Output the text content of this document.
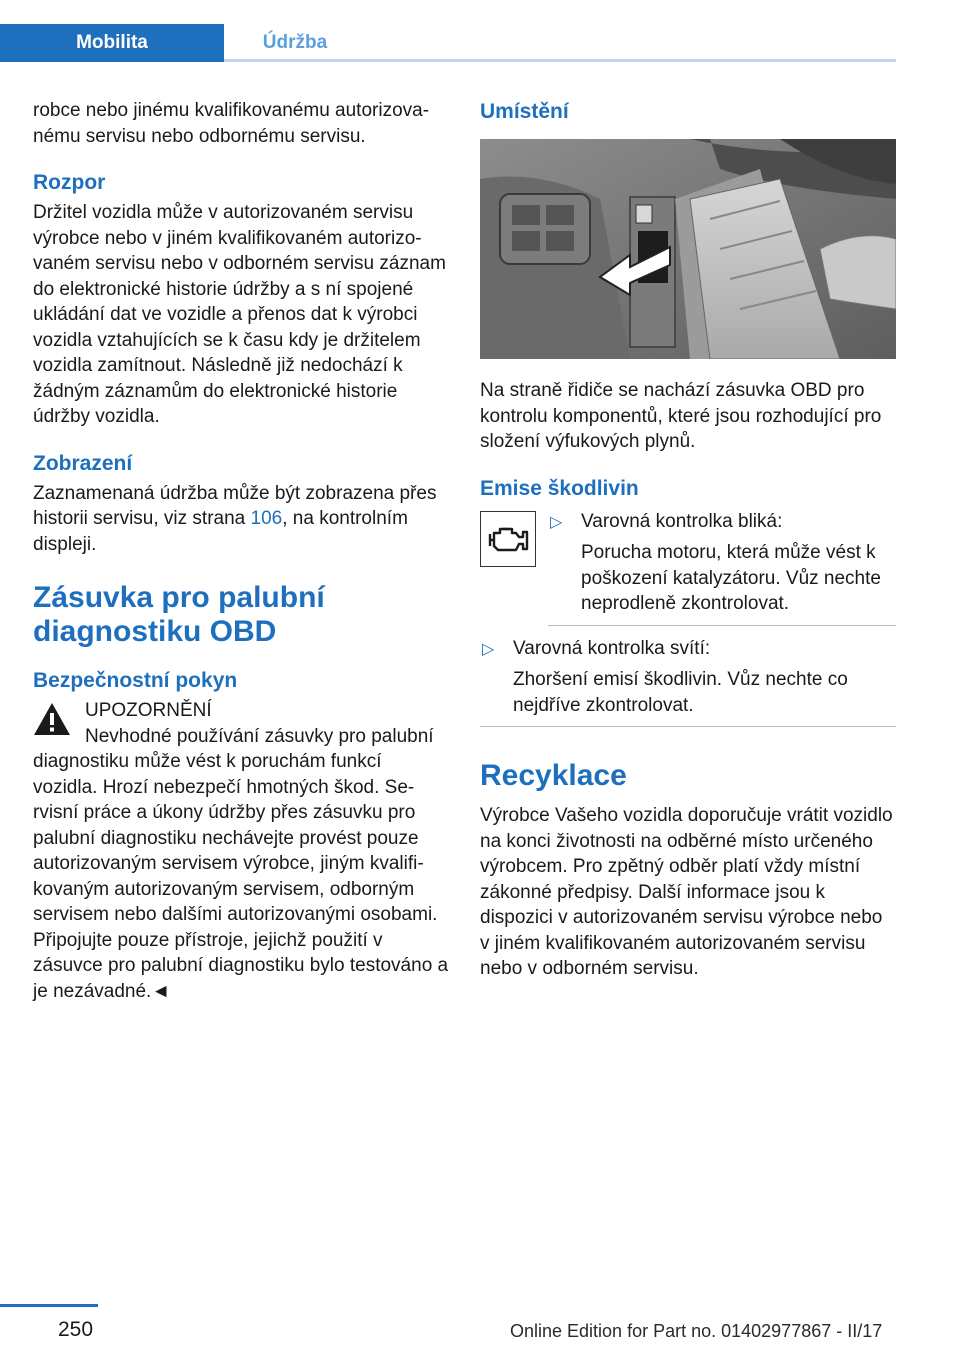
Mobilita	Údržba

robce nebo jinému kvalifikovanému autorizovanému servisu nebo odbornému servisu.

Rozpor

Držitel vozidla může v autorizovaném servisu výrobce nebo v jiném kvalifikovaném autorizovaném servisu nebo v odborném servisu záznam do elektronické historie údržby a s ní spojené ukládání dat ve vozidle a přenos dat k výrobci vozidla vztahujících se k času kdy je držitelem vozidla zamítnout. Následně již nedochází k žádným záznamům do elektronické historie údržby vozidla.

Zobrazení

Zaznamenaná údržba může být zobrazena přes historii servisu, viz strana 106, na kontrolním displeji.

Zásuvka pro palubní diagnostiku OBD
Bezpečnostní pokyn
UPOZORNĚNÍ
Nevhodné používání zásuvky pro palubní
diagnostiku může vést k poruchám funkcí vozidla. Hrozí nebezpečí hmotných škod. Servisní práce a úkony údržby přes zásuvku pro palubní diagnostiku nechávejte provést pouze autorizovaným servisem výrobce, jiným kvalifikovaným autorizovaným servisem, odborným servisem nebo dalšími autorizovanými osobami. Připojujte pouze přístroje, jejichž použití v zásuvce pro palubní diagnostiku bylo testováno a je nezávadné.◄
Umístění

Na straně řidiče se nachází zásuvka OBD pro kontrolu komponentů, které jsou rozhodující pro složení výfukových plynů.

Emise škodlivin
▷ Varovná kontrolka bliká:
Porucha motoru, která může vést k poškození katalyzátoru. Vůz nechte neprodleně zkontrolovat.
▷ Varovná kontrolka svítí:
Zhoršení emisí škodlivin. Vůz nechte co nejdříve zkontrolovat.
Recyklace

Výrobce Vašeho vozidla doporučuje vrátit vozidlo na konci životnosti na odběrné místo určeného výrobcem. Pro zpětný odběr platí vždy místní zákonné předpisy. Další informace jsou k dispozici v autorizovaném servisu výrobce nebo v jiném kvalifikovaném autorizovaném servisu nebo v odborném servisu.

250	Online Edition for Part no. 01402977867 - II/17
